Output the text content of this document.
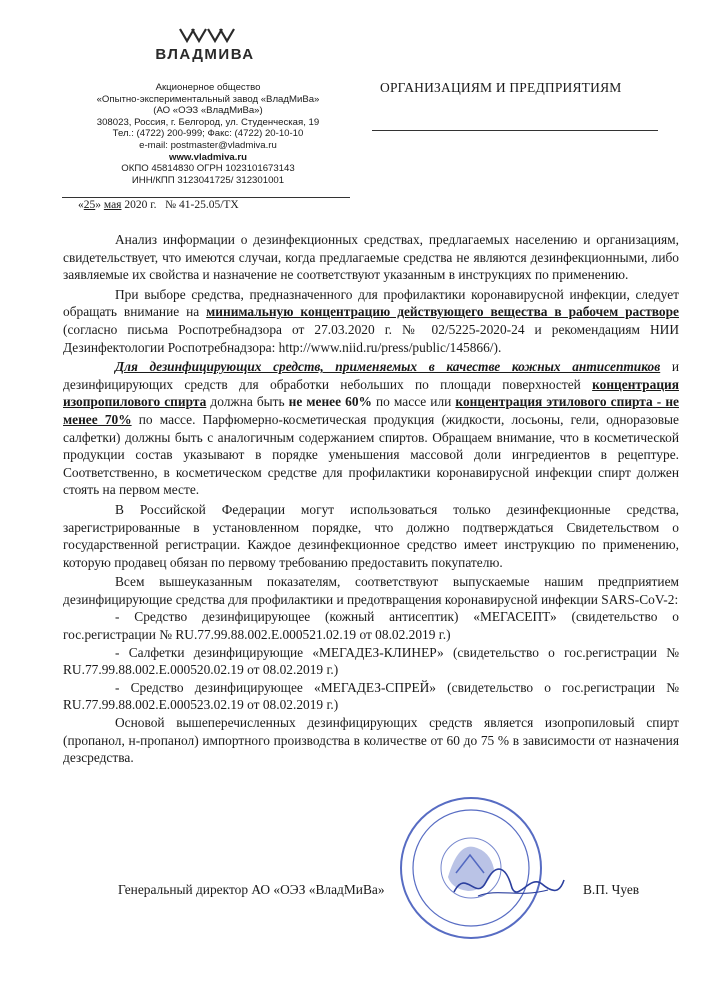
ВЛАДМИВА
Акционерное общество
«Опытно-экспериментальный завод «ВладМиВа»
(АО «ОЭЗ «ВладМиВа»)
308023, Россия, г. Белгород, ул. Студенческая, 19
Тел.: (4722) 200-999; Факс: (4722) 20-10-10
e-mail: postmaster@vladmiva.ru
www.vladmiva.ru
ОКПО 45814830 ОГРН 1023101673143
ИНН/КПП 3123041725/ 312301001
«25» мая 2020 г. № 41-25.05/ТХ
ОРГАНИЗАЦИЯМ И ПРЕДПРИЯТИЯМ

Анализ информации о дезинфекционных средствах, предлагаемых населению и организациям, свидетельствует, что имеются случаи, когда предлагаемые средства не являются дезинфекционными, либо заявляемые их свойства и назначение не соответствуют указанным в инструкциях по применению.

При выборе средства, предназначенного для профилактики коронавирусной инфекции, следует обращать внимание на минимальную концентрацию действующего вещества в рабочем растворе (согласно письма Роспотребнадзора от 27.03.2020 г. № 02/5225-2020-24 и рекомендациям НИИ Дезинфектологии Роспотребнадзора: http://www.niid.ru/press/public/145866/).

Для дезинфицирующих средств, применяемых в качестве кожных антисептиков и дезинфицирующих средств для обработки небольших по площади поверхностей концентрация изопропилового спирта должна быть не менее 60% по массе или концентрация этилового спирта - не менее 70% по массе. Парфюмерно-косметическая продукция (жидкости, лосьоны, гели, одноразовые салфетки) должны быть с аналогичным содержанием спиртов. Обращаем внимание, что в косметической продукции состав указывают в порядке уменьшения массовой доли ингредиентов в рецептуре. Соответственно, в косметическом средстве для профилактики коронавирусной инфекции спирт должен стоять на первом месте.

В Российской Федерации могут использоваться только дезинфекционные средства, зарегистрированные в установленном порядке, что должно подтверждаться Свидетельством о государственной регистрации. Каждое дезинфекционное средство имеет инструкцию по применению, которую продавец обязан по первому требованию предоставить покупателю.

Всем вышеуказанным показателям, соответствуют выпускаемые нашим предприятием дезинфицирующие средства для профилактики и предотвращения коронавирусной инфекции SARS-CoV-2:

- Средство дезинфицирующее (кожный антисептик) «МЕГАСЕПТ» (свидетельство о гос.регистрации № RU.77.99.88.002.Е.000521.02.19 от 08.02.2019 г.)

- Салфетки дезинфицирующие «МЕГАДЕЗ-КЛИНЕР» (свидетельство о гос.регистрации № RU.77.99.88.002.Е.000520.02.19 от 08.02.2019 г.)

- Средство дезинфицирующее «МЕГАДЕЗ-СПРЕЙ» (свидетельство о гос.регистрации № RU.77.99.88.002.Е.000523.02.19 от 08.02.2019 г.)

Основой вышеперечисленных дезинфицирующих средств является изопропиловый спирт (пропанол, н-пропанол) импортного производства в количестве от 60 до 75 % в зависимости от назначения дезсредства.

Генеральный директор АО «ОЭЗ «ВладМиВа»	В.П. Чуев
